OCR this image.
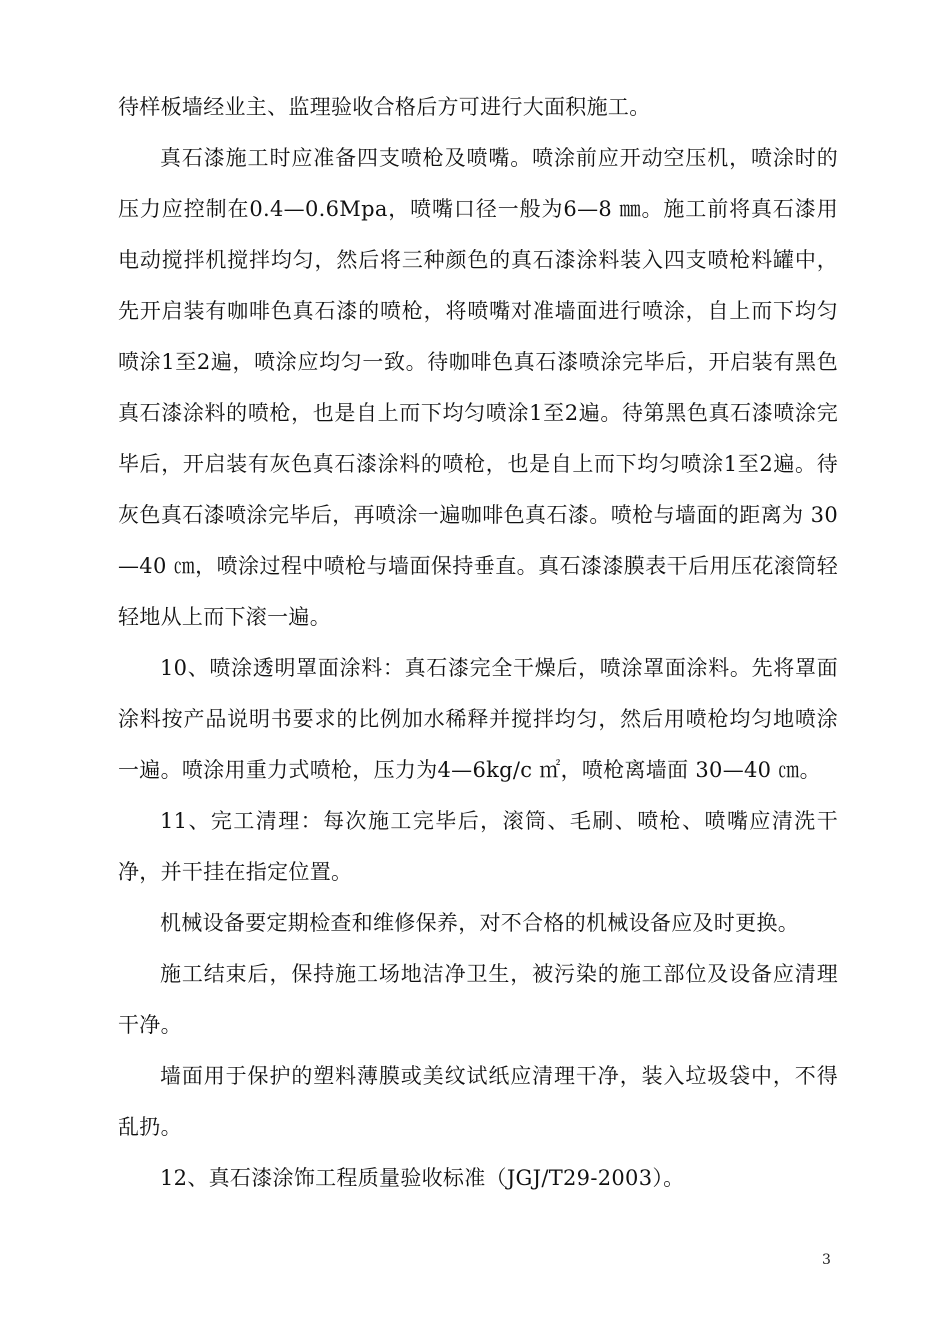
待样板墙经业主、监理验收合格后方可进行大面积施工。

真石漆施工时应准备四支喷枪及喷嘴。喷涂前应开动空压机，喷涂时的压力应控制在0.4—0.6Mpa，喷嘴口径一般为6—8 ㎜。施工前将真石漆用电动搅拌机搅拌均匀，然后将三种颜色的真石漆涂料装入四支喷枪料罐中，先开启装有咖啡色真石漆的喷枪，将喷嘴对准墙面进行喷涂，自上而下均匀喷涂1至2遍，喷涂应均匀一致。待咖啡色真石漆喷涂完毕后，开启装有黑色真石漆涂料的喷枪，也是自上而下均匀喷涂1至2遍。待第黑色真石漆喷涂完毕后，开启装有灰色真石漆涂料的喷枪，也是自上而下均匀喷涂1至2遍。待灰色真石漆喷涂完毕后，再喷涂一遍咖啡色真石漆。喷枪与墙面的距离为 30—40 ㎝，喷涂过程中喷枪与墙面保持垂直。真石漆漆膜表干后用压花滚筒轻轻地从上而下滚一遍。

10、喷涂透明罩面涂料：真石漆完全干燥后，喷涂罩面涂料。先将罩面涂料按产品说明书要求的比例加水稀释并搅拌均匀，然后用喷枪均匀地喷涂一遍。喷涂用重力式喷枪，压力为4—6kg/c ㎡，喷枪离墙面 30—40 ㎝。

11、完工清理：每次施工完毕后，滚筒、毛刷、喷枪、喷嘴应清洗干净，并干挂在指定位置。

机械设备要定期检查和维修保养，对不合格的机械设备应及时更换。

施工结束后，保持施工场地洁净卫生，被污染的施工部位及设备应清理干净。

墙面用于保护的塑料薄膜或美纹试纸应清理干净，装入垃圾袋中，不得乱扔。

12、真石漆涂饰工程质量验收标准（JGJ/T29-2003）。

3
